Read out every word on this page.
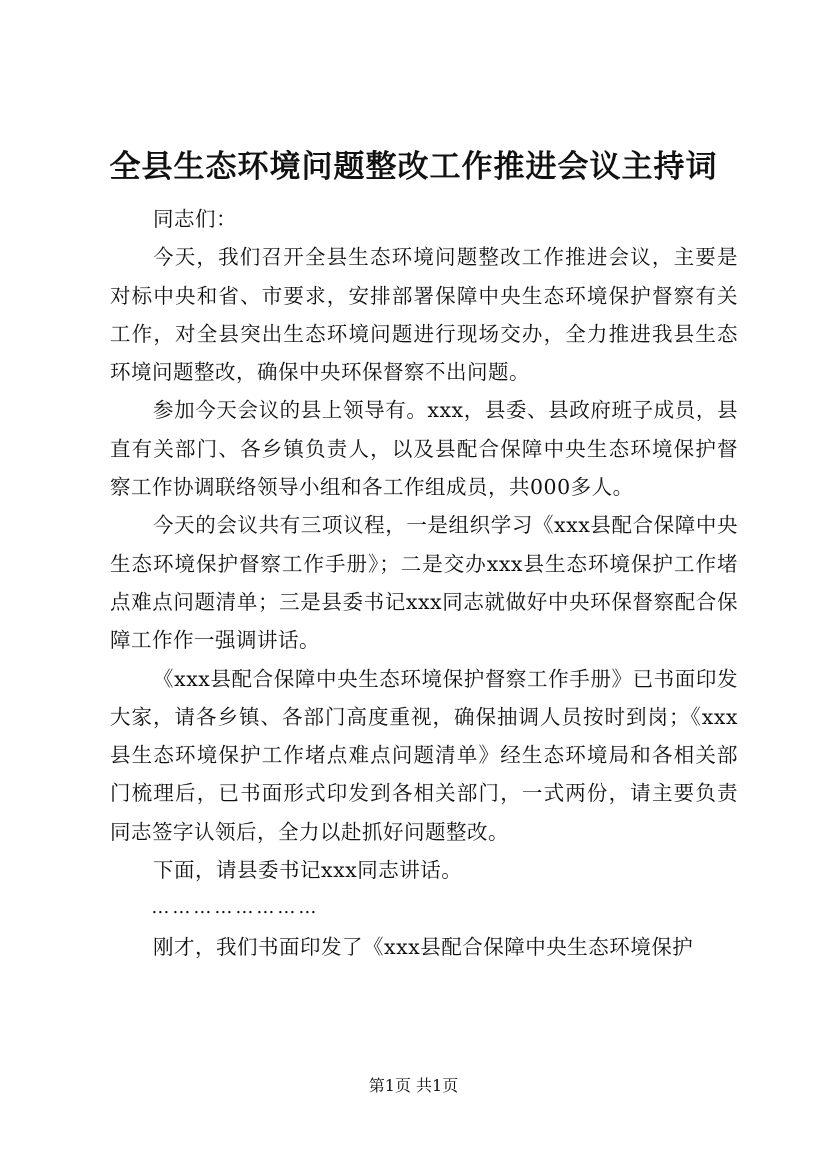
全县生态环境问题整改工作推进会议主持词

同志们：

今天，我们召开全县生态环境问题整改工作推进会议，主要是对标中央和省、市要求，安排部署保障中央生态环境保护督察有关工作，对全县突出生态环境问题进行现场交办，全力推进我县生态环境问题整改，确保中央环保督察不出问题。

参加今天会议的县上领导有。xxx，县委、县政府班子成员，县直有关部门、各乡镇负责人，以及县配合保障中央生态环境保护督察工作协调联络领导小组和各工作组成员，共000多人。

今天的会议共有三项议程，一是组织学习《xxx县配合保障中央生态环境保护督察工作手册》；二是交办xxx县生态环境保护工作堵点难点问题清单；三是县委书记xxx同志就做好中央环保督察配合保障工作作一强调讲话。

《xxx县配合保障中央生态环境保护督察工作手册》已书面印发大家，请各乡镇、各部门高度重视，确保抽调人员按时到岗；《xxx县生态环境保护工作堵点难点问题清单》经生态环境局和各相关部门梳理后，已书面形式印发到各相关部门，一式两份，请主要负责同志签字认领后，全力以赴抓好问题整改。

下面，请县委书记xxx同志讲话。

……………………

刚才，我们书面印发了《xxx县配合保障中央生态环境保护

第1页 共1页
